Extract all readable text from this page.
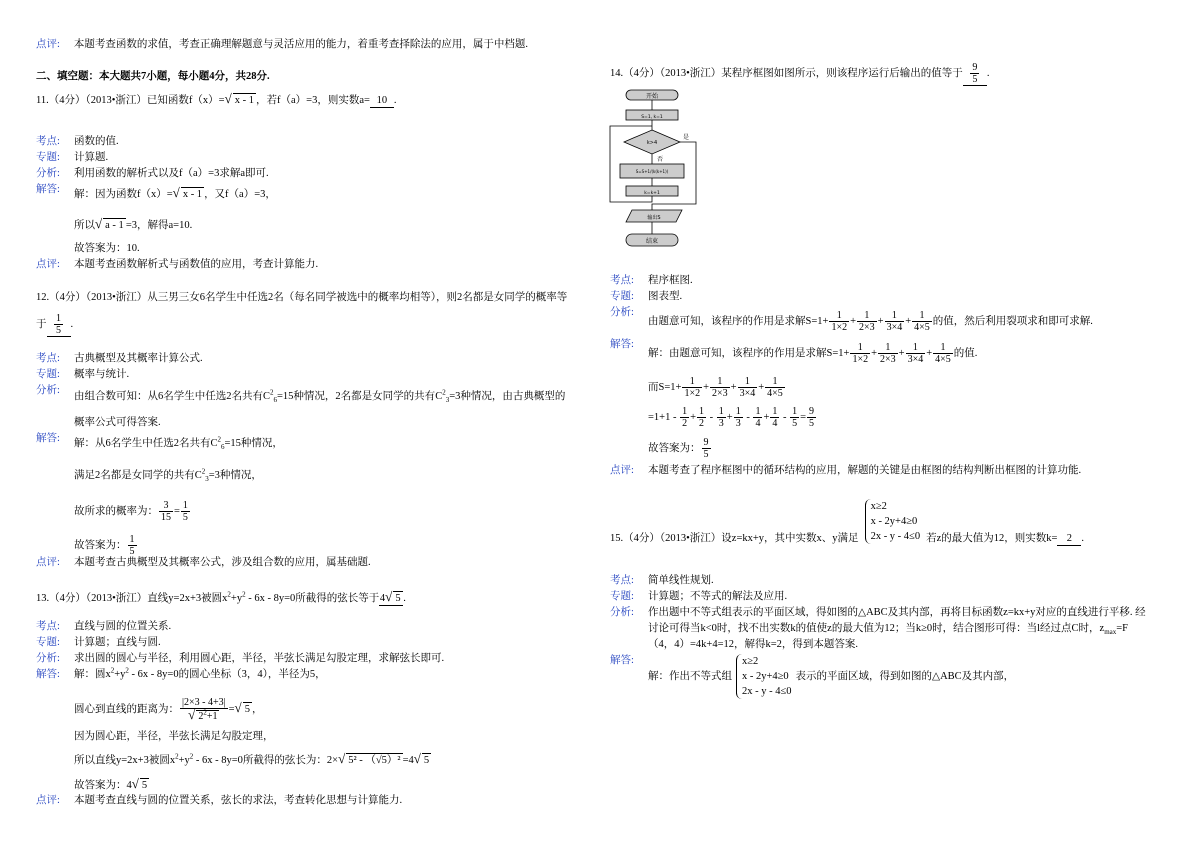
点评: 本题考查函数的求值，考查正确理解题意与灵活应用的能力，着重考查择除法的应用，属于中档题.
二、填空题：本大题共7小题，每小题4分，共28分.
11.（4分）（2013•浙江）已知函数f（x）=√ x - 1 ，若f（a）=3，则实数a= 10 .
考点: 函数的值.
专题: 计算题.
分析: 利用函数的解析式以及f（a）=3求解a即可.
解答: 解：因为函数f（x）=√ x - 1 ，又f（a）=3，
所以√ a - 1 =3，解得a=10.
故答案为：10.
点评: 本题考查函数解析式与函数值的应用，考查计算能力.
12.（4分）（2013•浙江）从三男三女6名学生中任选2名（每名同学被选中的概率均相等），则2名都是女同学的概率等
于 $\frac{1}{5}$ .
考点: 古典概型及其概率计算公式.
专题: 概率与统计.
分析:
由组合数可知：从6名学生中任选2名共有$C^2_6=15$种情况，2名都是女同学的共有$C^2_3=3$种情况，由古典概型的
概率公式可得答案.
解答: 解：从6名学生中任选2名共有$C^2_6=15$种情况，
满足2名都是女同学的共有$C^2_3=3$种情况，
故所求的概率为： $\frac{3}{15} = \frac{1}{5}$
故答案为： $\frac{1}{5}$
点评: 本题考查古典概型及其概率公式，涉及组合数的应用，属基础题.
13.（4分）（2013•浙江）直线y=2x+3被圆$x^2+y^2 - 6x - 8y=0$所截得的弦长等于4√ 5 .
考点: 直线与圆的位置关系.
专题: 计算题；直线与圆.
分析: 求出圆的圆心与半径，利用圆心距，半径，半弦长满足勾股定理，求解弦长即可.
解答: 解：圆$x^2+y^2 - 6x - 8y=0$的圆心坐标（3，4），半径为5，
圆心到直线的距离为： $\frac{|2\times 3 - 4+3|}{√ 2^2+1}$ =√ 5 ，
因为圆心距，半径，半弦长满足勾股定理，
所以直线y=2x+3被圆$x^2+y^2 - 6x - 8y=0$所截得的弦长为：2×√ 5² - （√5）² =4√ 5
故答案为：4√ 5
点评: 本题考查直线与圆的位置关系，弦长的求法，考查转化思想与计算能力.
14.（4分）（2013•浙江）某程序框图如图所示，则该程序运行后输出的值等于 $\frac{9}{5}$ .
开始
S=1, k=1
k>4
是
否
S=S+1/(k(k+1))
k=k+1
输出S
结束
考点: 程序框图.
专题: 图表型.
分析:
由题意可知，该程序的作用是求解$S=1+ \frac{1}{1\times 2} + \frac{1}{2\times 3} + \frac{1}{3\times 4} + \frac{1}{4\times 5}$ 的值，然后利用裂项求和即可求解.
解答:
解：由题意可知，该程序的作用是求解$S=1+ \frac{1}{1\times 2} + \frac{1}{2\times 3} + \frac{1}{3\times 4} + \frac{1}{4\times 5}$ 的值.
而$S=1+ \frac{1}{1\times 2} + \frac{1}{2\times 3} + \frac{1}{3\times 4} + \frac{1}{4\times 5}$
$=1+1 - \frac{1}{2} + \frac{1}{2} - \frac{1}{3} + \frac{1}{3} - \frac{1}{4} + \frac{1}{4} - \frac{1}{5} = \frac{9}{5}$
故答案为： $\frac{9}{5}$
点评: 本题考查了程序框图中的循环结构的应用，解题的关键是由框图的结构判断出框图的计算功能.
15.（4分）（2013•浙江）设z=kx+y，其中实数x、y满足
x≥2
x - 2y+4≥0
2x - y - 4≤0 若z的最大值为12，则实数k= 2 .
考点: 简单线性规划.
专题: 计算题；不等式的解法及应用.
分析: 作出题中不等式组表示的平面区域，得如图的△ABC及其内部，再将目标函数z=kx+y对应的直线进行平移. 经
讨论可得当k<0时，找不出实数k的值使z的最大值为12；当k≥0时，结合图形可得：当l经过点C时，$z_{max}=F$
（4，4）=4k+4=12，解得k=2，得到本题答案.
解答:
解：作出不等式组
x≥2
x - 2y+4≥0
2x - y - 4≤0
表示的平面区域，得到如图的△ABC及其内部，
